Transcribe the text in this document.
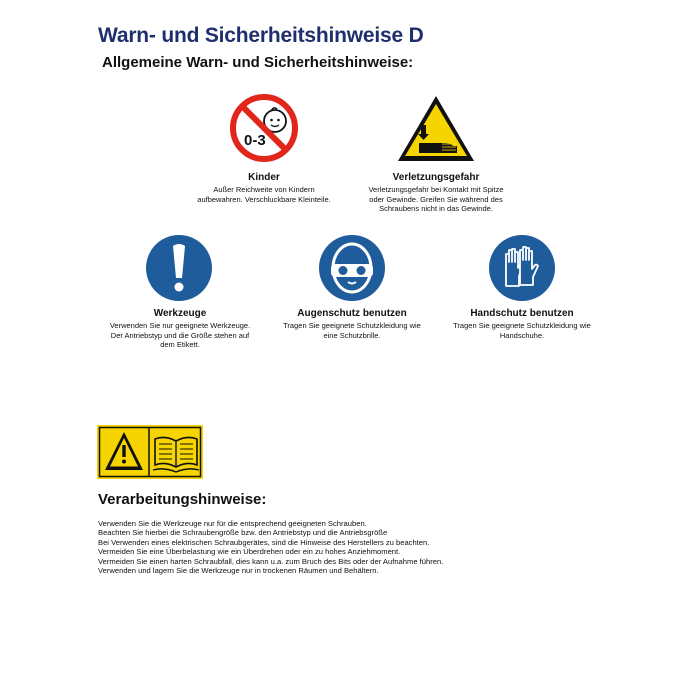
Warn- und Sicherheitshinweise D
Allgemeine Warn- und Sicherheitshinweise:
0-3
Kinder
Außer Reichweite von Kindern
aufbewahren. Verschluckbare Kleinteile.
Verletzungsgefahr
Verletzungsgefahr bei Kontakt mit Spitze
oder Gewinde. Greifen Sie während des
Schraubens nicht in das Gewinde.
Werkzeuge
Verwenden Sie nur geeignete Werkzeuge.
Der Antriebstyp und die Größe stehen auf
dem Etikett.
Augenschutz benutzen
Tragen Sie geeignete Schutzkleidung wie
eine Schutzbrille.
Handschutz benutzen
Tragen Sie geeignete Schutzkleidung wie
Handschuhe.
Verarbeitungshinweise:
Verwenden Sie die Werkzeuge nur für die entsprechend geeigneten Schrauben.
Beachten Sie hierbei die Schraubengröße bzw. den Antriebstyp und die Antriebsgröße
Bei Verwenden eines elektrischen Schraubgerätes, sind die Hinweise des Herstellers zu beachten.
Vermeiden Sie eine Überbelastung wie ein Überdrehen oder ein zu hohes Anziehmoment.
Vermeiden Sie einen harten Schraubfall, dies kann u.a. zum Bruch des Bits oder der Aufnahme führen.
Verwenden und lagern Sie die Werkzeuge nur in trockenen Räumen und Behältern.
